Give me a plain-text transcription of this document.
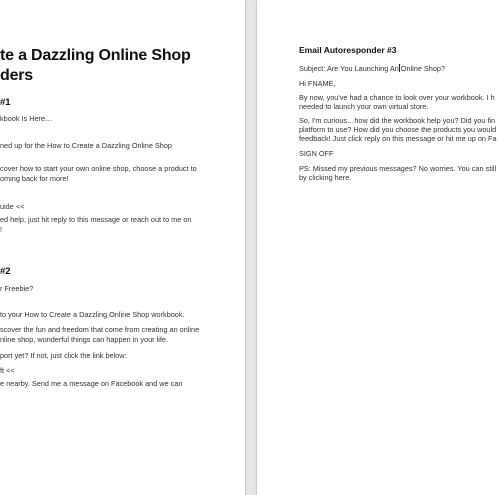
te a Dazzling Online Shop
ders
#1
kbook Is Here…
ned up for the How to Create a Dazzling Online Shop
cover how to start your own online shop, choose a product to
oming back for more!
uide <<
ed help, just hit reply to this message or reach out to me on
!
#2
r Freebie?
to your How to Create a Dazzling Online Shop workbook.
scover the fun and freedom that come from creating an online
nline shop, wonderful things can happen in your life.
port yet? If not, just click the link below:
ft <<
e nearby. Send me a message on Facebook and we can
Email Autoresponder #3
Subject: Are You Launching An Online Shop?
Hi FNAME,
By now, you've had a chance to look over your workbook. I h
needed to launch your own virtual store.
So, I'm curious…how did the workbook help you? Did you fin
platform to use? How did you choose the products you would
feedback! Just click reply on this message or hit me up on Fa
SIGN OFF
PS: Missed my previous messages? No worries. You can still
by clicking here.
